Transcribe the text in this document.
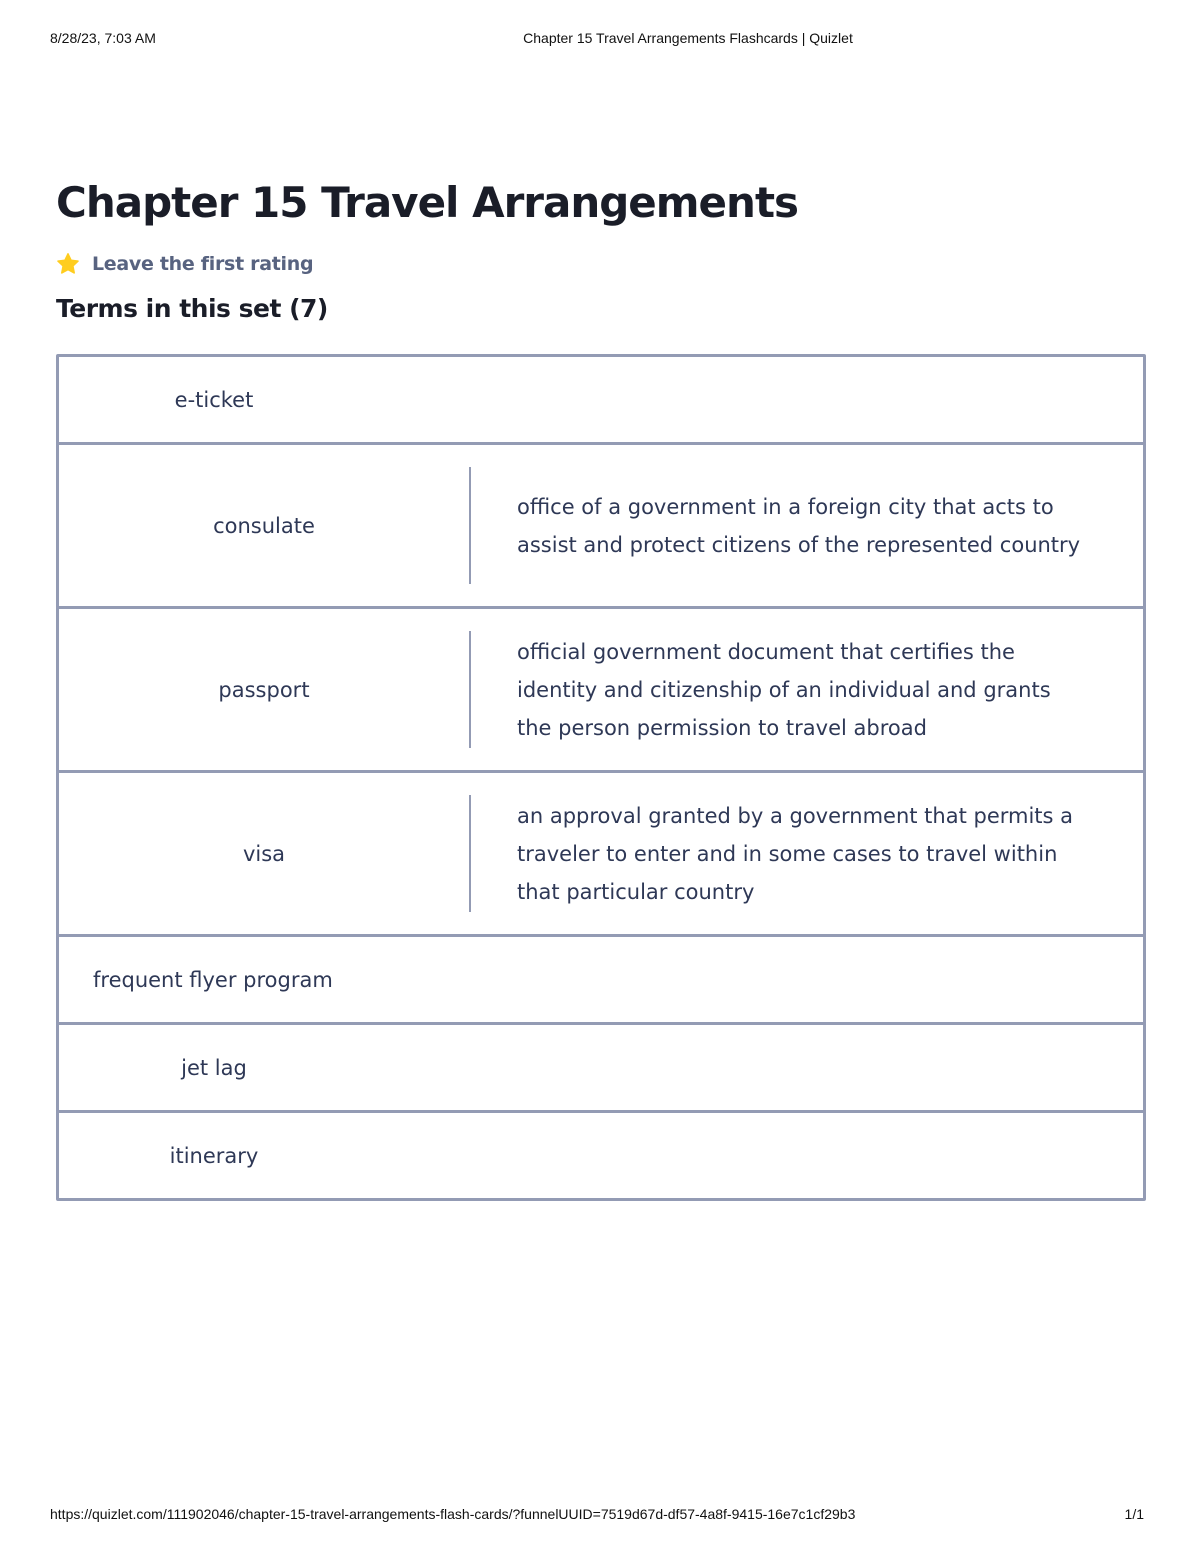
8/28/23, 7:03 AM	Chapter 15 Travel Arrangements Flashcards | Quizlet
Chapter 15 Travel Arrangements
Leave the first rating
Terms in this set (7)
e-ticket
consulate
office of a government in a foreign city that acts to assist and protect citizens of the represented country
passport
official government document that certifies the identity and citizenship of an individual and grants the person permission to travel abroad
visa
an approval granted by a government that permits a traveler to enter and in some cases to travel within that particular country
frequent flyer program
jet lag
itinerary
https://quizlet.com/111902046/chapter-15-travel-arrangements-flash-cards/?funnelUUID=7519d67d-df57-4a8f-9415-16e7c1cf29b3	1/1
